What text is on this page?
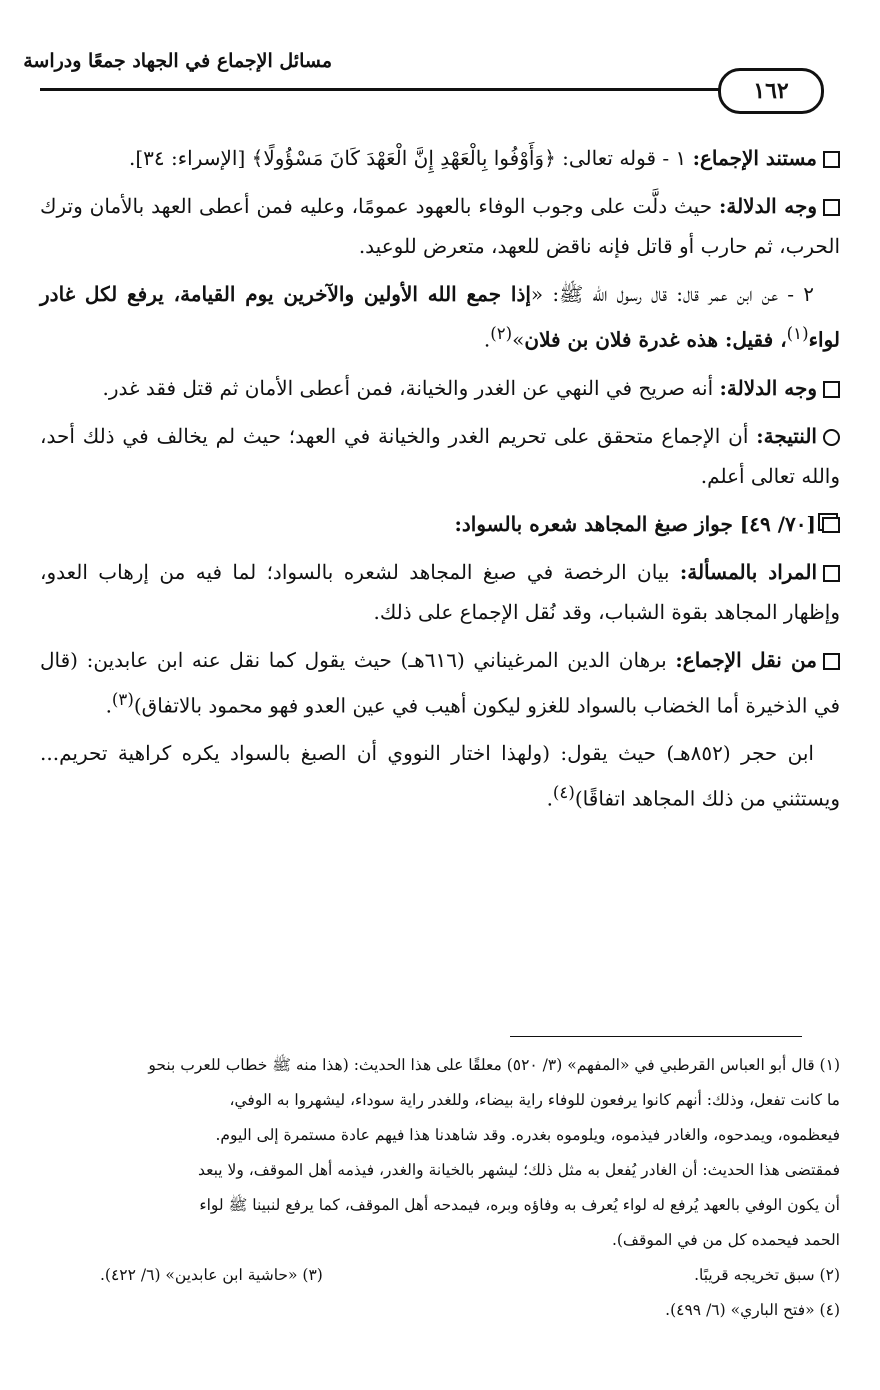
مسائل الإجماع في الجهاد جمعًا ودراسة
١٦٢

مستند الإجماع: ١ - قوله تعالى: ﴿وَأَوْفُوا بِالْعَهْدِ إِنَّ الْعَهْدَ كَانَ مَسْؤُولًا﴾ [الإسراء: ٣٤].

وجه الدلالة: حيث دلَّت على وجوب الوفاء بالعهود عمومًا، وعليه فمن أعطى العهد بالأمان وترك الحرب، ثم حارب أو قاتل فإنه ناقض للعهد، متعرض للوعيد.

٢ - عن ابن عمر قال: قال رسول الله ﷺ: «إذا جمع الله الأولين والآخرين يوم القيامة، يرفع لكل غادر لواء$^{(١)}$، فقيل: هذه غدرة فلان بن فلان»$^{(٢)}$.

وجه الدلالة: أنه صريح في النهي عن الغدر والخيانة، فمن أعطى الأمان ثم قتل فقد غدر.

النتيجة: أن الإجماع متحقق على تحريم الغدر والخيانة في العهد؛ حيث لم يخالف في ذلك أحد، والله تعالى أعلم.

[٧٠/ ٤٩] جواز صبغ المجاهد شعره بالسواد:

المراد بالمسألة: بيان الرخصة في صبغ المجاهد لشعره بالسواد؛ لما فيه من إرهاب العدو، وإظهار المجاهد بقوة الشباب، وقد نُقل الإجماع على ذلك.

من نقل الإجماع: برهان الدين المرغيناني (٦١٦هـ) حيث يقول كما نقل عنه ابن عابدين: (قال في الذخيرة أما الخضاب بالسواد للغزو ليكون أهيب في عين العدو فهو محمود بالاتفاق)$^{(٣)}$.

ابن حجر (٨٥٢هـ) حيث يقول: (ولهذا اختار النووي أن الصبغ بالسواد يكره كراهية تحريم... ويستثني من ذلك المجاهد اتفاقًا)$^{(٤)}$.

(١) قال أبو العباس القرطبي في «المفهم» (٣/ ٥٢٠) معلقًا على هذا الحديث: (هذا منه ﷺ خطاب للعرب بنحو

ما كانت تفعل، وذلك: أنهم كانوا يرفعون للوفاء راية بيضاء، وللغدر راية سوداء، ليشهروا به الوفي،

فيعظموه، ويمدحوه، والغادر فيذموه، ويلوموه بغدره. وقد شاهدنا هذا فيهم عادة مستمرة إلى اليوم.

فمقتضى هذا الحديث: أن الغادر يُفعل به مثل ذلك؛ ليشهر بالخيانة والغدر، فيذمه أهل الموقف، ولا يبعد

أن يكون الوفي بالعهد يُرفع له لواء يُعرف به وفاؤه وبره، فيمدحه أهل الموقف، كما يرفع لنبينا ﷺ لواء

الحمد فيحمده كل من في الموقف).

(٢) سبق تخريجه قريبًا.
(٣) «حاشية ابن عابدين» (٦/ ٤٢٢).

(٤) «فتح الباري» (٦/ ٤٩٩).
